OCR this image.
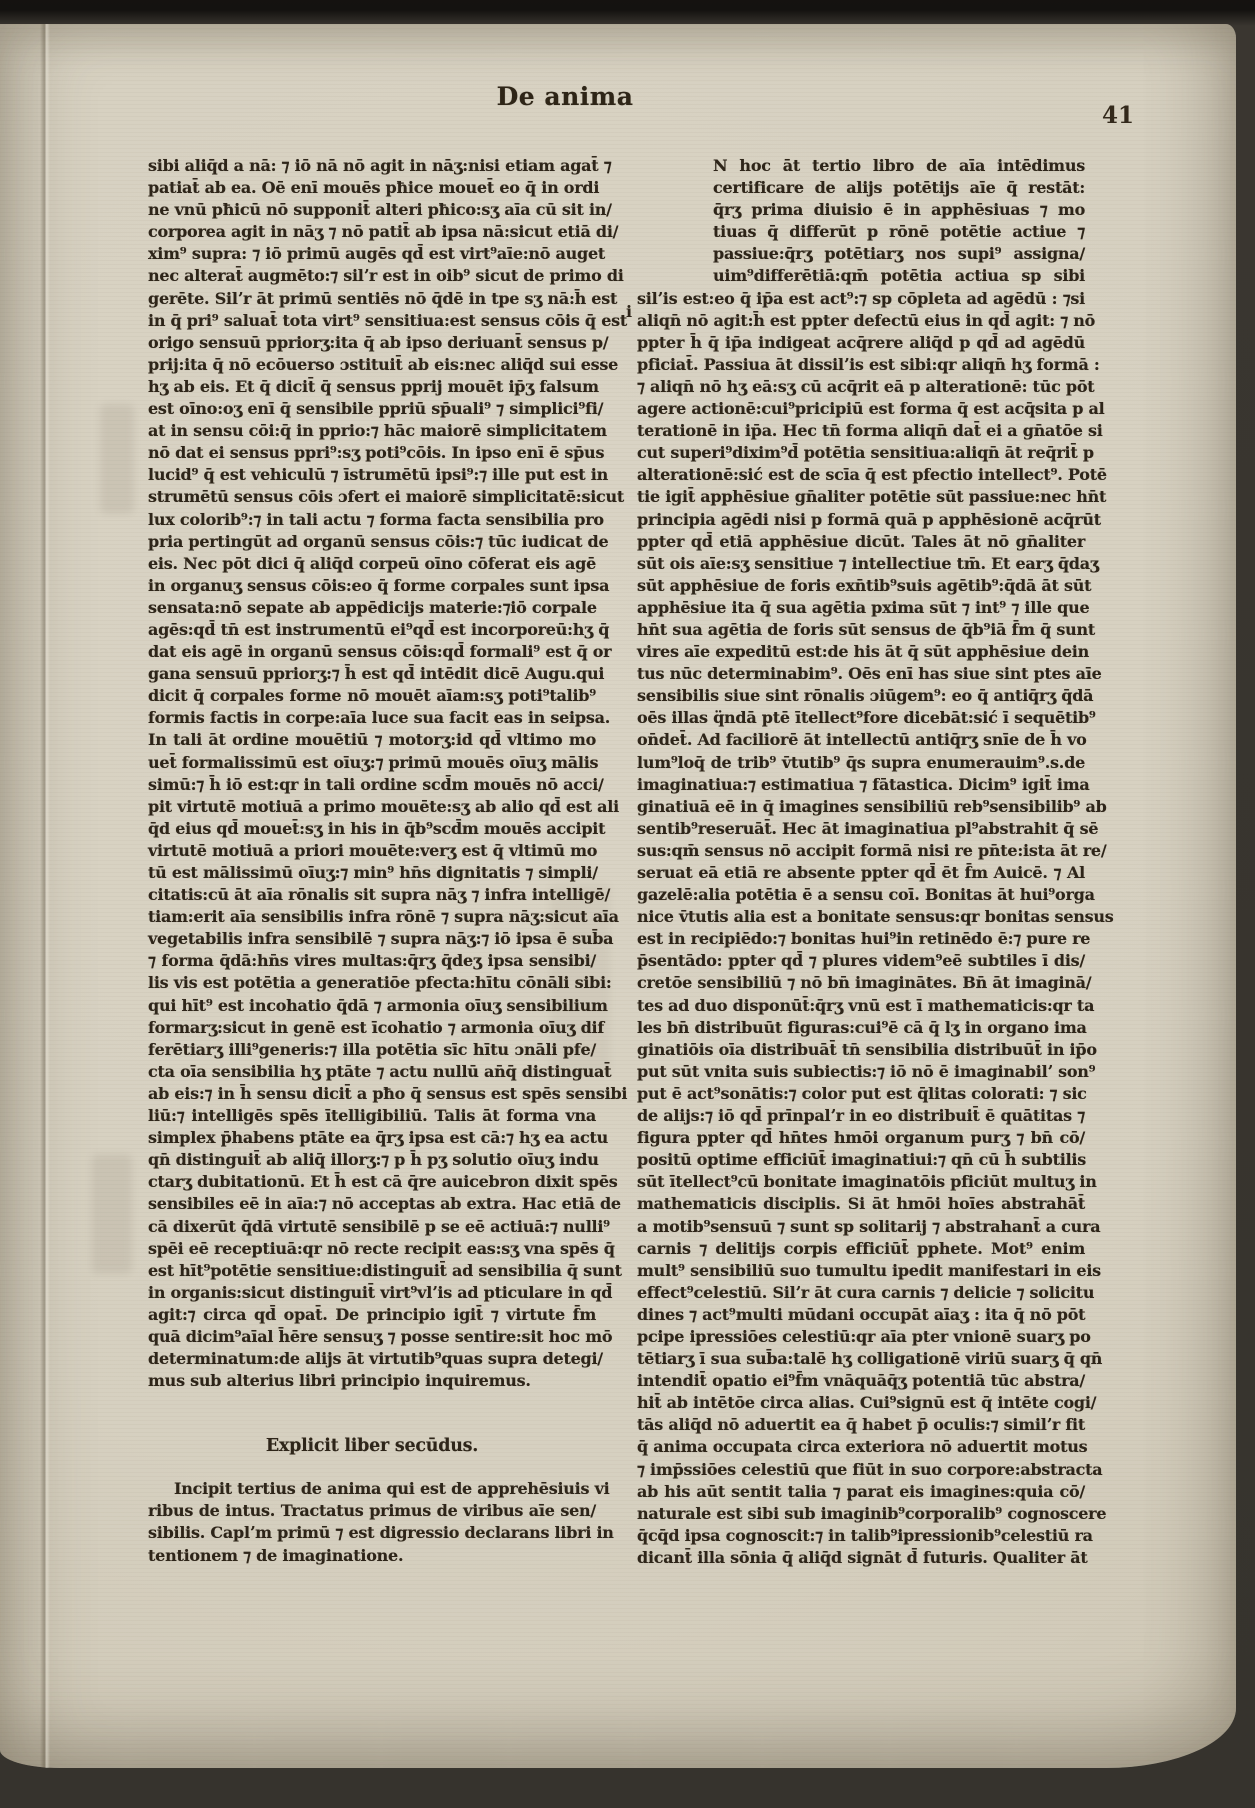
De anima
41
i
sibi aliq̄d a nā: ⁊ iō nā nō agit in nāʒ:nisi etiam agat̄ ⁊
patiat̄ ab ea. Oē enī mouēs pħice mouet̄ eo q̄ in ordi
ne vnū pħicū nō supponit̄ alteri pħico:sʒ aīa cū sit in/
corporea agit in nāʒ ⁊ nō patit̄ ab ipsa nā:sicut etiā di/
xim⁹ supra: ⁊ iō primū augēs qd̄ est virt⁹aīe:nō auget
nec alterat̄ augmēto:⁊ silʼr est in oib⁹ sicut de primo di
gerēte. Silʼr āt primū sentiēs nō q̄dē in tpe sʒ nā:h̄ est
in q̄ pri⁹ saluat̄ tota virt⁹ sensitiua:est sensus cōis q̄ est
origo sensuū ppriorʒ:ita q̄ ab ipso deriuant̄ sensus p/
prij:ita q̄ nō ecōuerso ɔstituit̄ ab eis:nec aliq̄d sui esse
hʒ ab eis. Et q̄ dicit̄ q̄ sensus pprij mouēt ip̄ʒ falsum
est oīno:oʒ enī q̄ sensibile ppriū sp̄uali⁹ ⁊ simplici⁹fi/
at in sensu cōi:q̄ in pprio:⁊ hāc maiorē simplicitatem
nō dat ei sensus ppri⁹:sʒ poti⁹cōis. In ipso enī ē sp̄us
lucid⁹ q̄ est vehiculū ⁊ īstrumētū ipsi⁹:⁊ ille put est in
strumētū sensus cōis ɔfert ei maiorē simplicitatē:sicut
lux colorib⁹:⁊ in tali actu ⁊ forma facta sensibilia pro
pria pertingūt ad organū sensus cōis:⁊ tūc iudicat de
eis. Nec pōt dici q̄ aliq̄d corpeū oīno cōferat eis agē
in organuʒ sensus cōis:eo q̄ forme corpales sunt ipsa
sensata:nō sepate ab appēdicijs materie:⁊iō corpale
agēs:qd̄ tn̄ est instrumentū ei⁹qd̄ est incorporeū:hʒ q̄
dat eis agē in organū sensus cōis:qd̄ formali⁹ est q̄ or
gana sensuū ppriorʒ:⁊ h̄ est qd̄ intēdit dicē Augu.qui
dicit q̄ corpales forme nō mouēt aīam:sʒ poti⁹talib⁹
formis factis in corpe:aīa luce sua facit eas in seipsa.
In tali āt ordine mouētiū ⁊ motorʒ:id qd̄ vltimo mo
uet̄ formalissimū est oīuʒ:⁊ primū mouēs oīuʒ mālis
simū:⁊ h̄ iō est:qr in tali ordine scd̄m mouēs nō acci/
pit virtutē motiuā a primo mouēte:sʒ ab alio qd̄ est ali
q̄d eius qd̄ mouet̄:sʒ in his in q̄b⁹scd̄m mouēs accipit
virtutē motiuā a priori mouēte:verʒ est q̄ vltimū mo
tū est mālissimū oīuʒ:⁊ min⁹ hn̄s dignitatis ⁊ simpli/
citatis:cū āt aīa rōnalis sit supra nāʒ ⁊ infra intelligē/
tiam:erit aīa sensibilis infra rōnē ⁊ supra nāʒ:sicut aīa
vegetabilis infra sensibilē ⁊ supra nāʒ:⁊ iō ipsa ē sub̄a
⁊ forma q̄dā:hn̄s vires multas:q̄rʒ q̄deʒ ipsa sensibi/
lis vis est potētia a generatiōe pfecta:hītu cōnāli sibi:
qui hīt⁹ est incohatio q̄dā ⁊ armonia oīuʒ sensibilium
formarʒ:sicut in genē est īcohatio ⁊ armonia oīuʒ dif
ferētiarʒ illi⁹generis:⁊ illa potētia sīc hītu ɔnāli pfe/
cta oīa sensibilia hʒ ptāte ⁊ actu nullū an̄q̄ distinguat̄
ab eis:⁊ in h̄ sensu dicit̄ a pħo q̄ sensus est spēs sensibi
liū:⁊ intelligēs spēs ītelligibiliū. Talis āt forma vna
simplex p̄habens ptāte ea q̄rʒ ipsa est cā:⁊ hʒ ea actu
qn̄ distinguit̄ ab aliq̄ illorʒ:⁊ p h̄ pʒ solutio oīuʒ indu
ctarʒ dubitationū. Et h̄ est cā q̄re auicebron dixit spēs
sensibiles eē in aīa:⁊ nō acceptas ab extra. Hac etiā de
cā dixerūt q̄dā virtutē sensibilē p se eē actiuā:⁊ nulli⁹
spēi eē receptiuā:qr nō recte recipit eas:sʒ vna spēs q̄
est hīt⁹potētie sensitiue:distinguit̄ ad sensibilia q̄ sunt
in organis:sicut distinguit̄ virt⁹vlʼis ad pticulare in qd̄
agit:⁊ circa qd̄ opat̄. De principio igit̄ ⁊ virtute f̄m
quā dicim⁹aīal h̄ēre sensuʒ ⁊ posse sentire:sit hoc mō
determinatum:de alijs āt virtutib⁹quas supra detegi/
mus sub alterius libri principio inquiremus.
Explicit liber secūdus.
Incipit tertius de anima qui est de apprehēsiuis vi
ribus de intus. Tractatus primus de viribus aīe sen/
sibilis. Caplʼm primū ⁊ est digressio declarans libri in
tentionem ⁊ de imaginatione.
N hoc āt tertio libro de aīa intēdimus
certificare de alijs potētijs aīe q̄ restāt:
q̄rʒ prima diuisio ē in apphēsiuas ⁊ mo
tiuas q̄ differūt p rōnē potētie actiue ⁊
passiue:q̄rʒ potētiarʒ nos supi⁹ assigna/
uim⁹differētiā:qm̄ potētia actiua sp sibi
silʼis est:eo q̄ ip̄a est act⁹:⁊ sp cōpleta ad agēdū : ⁊si
aliqn̄ nō agit:h̄ est ppter defectū eius in qd̄ agit: ⁊ nō
ppter h̄ q̄ ip̄a indigeat acq̄rere aliq̄d p qd̄ ad agēdū
pficiat̄. Passiua āt dissilʼis est sibi:qr aliqn̄ hʒ formā :
⁊ aliqn̄ nō hʒ eā:sʒ cū acq̄rit eā p alterationē: tūc pōt
agere actionē:cui⁹pricipiū est forma q̄ est acq̄sita p al
terationē in ip̄a. Hec tn̄ forma aliqn̄ dat̄ ei a gn̄atōe si
cut superi⁹dixim⁹d̄ potētia sensitiua:aliqn̄ āt req̄rit̄ p
alterationē:sić est de scīa q̄ est pfectio intellect⁹. Potē
tie igit̄ apphēsiue gn̄aliter potētie sūt passiue:nec hn̄t
principia agēdi nisi p formā quā p apphēsionē acq̄rūt
ppter qd̄ etiā apphēsiue dicūt. Tales āt nō gn̄aliter
sūt ois aīe:sʒ sensitiue ⁊ intellectiue tm̄. Et earʒ q̄daʒ
sūt apphēsiue de foris exn̄tib⁹suis agētib⁹:q̄dā āt sūt
apphēsiue ita q̄ sua agētia pxima sūt ⁊ int⁹ ⁊ ille que
hn̄t sua agētia de foris sūt sensus de q̄b⁹iā f̄m q̄ sunt
vires aīe expeditū est:de his āt q̄ sūt apphēsiue dein
tus nūc determinabim⁹. Oēs enī has siue sint ptes aīe
sensibilis siue sint rōnalis ɔiūgem⁹: eo q̄ antiq̄rʒ q̄dā
oēs illas q̈ndā ptē ītellect⁹fore dicebāt:sić ī sequētib⁹
on̄det̄. Ad faciliorē āt intellectū antiq̄rʒ snīe de h̄ vo
lum⁹loq̄ de trib⁹ v̄tutib⁹ q̄s supra enumerauim⁹.s.de
imaginatiua:⁊ estimatiua ⁊ fātastica. Dicim⁹ igit̄ ima
ginatiuā eē in q̄ imagines sensibiliū reb⁹sensibilib⁹ ab
sentib⁹reseruāt̄. Hec āt imaginatiua pl⁹abstrahit q̄ sē
sus:qm̄ sensus nō accipit formā nisi re pn̄te:ista āt re/
seruat eā etiā re absente ppter qd̄ ēt f̄m Auicē. ⁊ Al
gazelē:alia potētia ē a sensu coī. Bonitas āt hui⁹orga
nice v̄tutis alia est a bonitate sensus:qr bonitas sensus
est in recipiēdo:⁊ bonitas hui⁹in retinēdo ē:⁊ pure re
p̄sentādo: ppter qd̄ ⁊ plures videm⁹eē subtiles ī dis/
cretōe sensibiliū ⁊ nō bn̄ imaginātes. Bn̄ āt imaginā/
tes ad duo disponūt̄:q̄rʒ vnū est ī mathematicis:qr ta
les bn̄ distribuūt figuras:cui⁹ē cā q̄ lʒ in organo ima
ginatiōis oīa distribuāt̄ tn̄ sensibilia distribuūt̄ in ip̄o
put sūt vnita suis subiectis:⁊ iō nō ē imaginabilʼ son⁹
put ē act⁹sonātis:⁊ color put est q̄litas colorati: ⁊ sic
de alijs:⁊ iō qd̄ prīnpalʼr in eo distribuit̄ ē quātitas ⁊
figura ppter qd̄ hn̄tes hmōi organum purʒ ⁊ bn̄ cō/
positū optime efficiūt̄ imaginatiui:⁊ qn̄ cū h̄ subtilis
sūt ītellect⁹cū bonitate imaginatōis pficiūt multuʒ in
mathematicis disciplis. Si āt hmōi hoīes abstrahāt̄
a motib⁹sensuū ⁊ sunt sp solitarij ⁊ abstrahant̄ a cura
carnis ⁊ delitijs corpis efficiūt̄ pphete. Mot⁹ enim
mult⁹ sensibiliū suo tumultu ipedit manifestari in eis
effect⁹celestiū. Silʼr āt cura carnis ⁊ delicie ⁊ solicitu
dines ⁊ act⁹multi mūdani occupāt aīaʒ : ita q̄ nō pōt
pcipe ipressiōes celestiū:qr aīa pter vnionē suarʒ po
tētiarʒ ī sua sub̄a:talē hʒ colligationē viriū suarʒ q̄ qn̄
intendit̄ opatio ei⁹f̄m vnāquāq̄ʒ potentiā tūc abstra/
hit̄ ab intētōe circa alias. Cui⁹signū est q̄ intēte cogi/
tās aliq̄d nō aduertit ea q̄ habet p̄ oculis:⁊ similʼr fit
q̄ anima occupata circa exteriora nō aduertit motus
⁊ imp̄ssiōes celestiū que fiūt in suo corpore:abstracta
ab his aūt sentit talia ⁊ parat eis imagines:quia cō/
naturale est sibi sub imaginib⁹corporalib⁹ cognoscere
q̄cq̄d ipsa cognoscit:⁊ in talib⁹ipressionib⁹celestiū ra
dicant̄ illa sōnia q̄ aliq̄d signāt d̄ futuris. Qualiter āt
